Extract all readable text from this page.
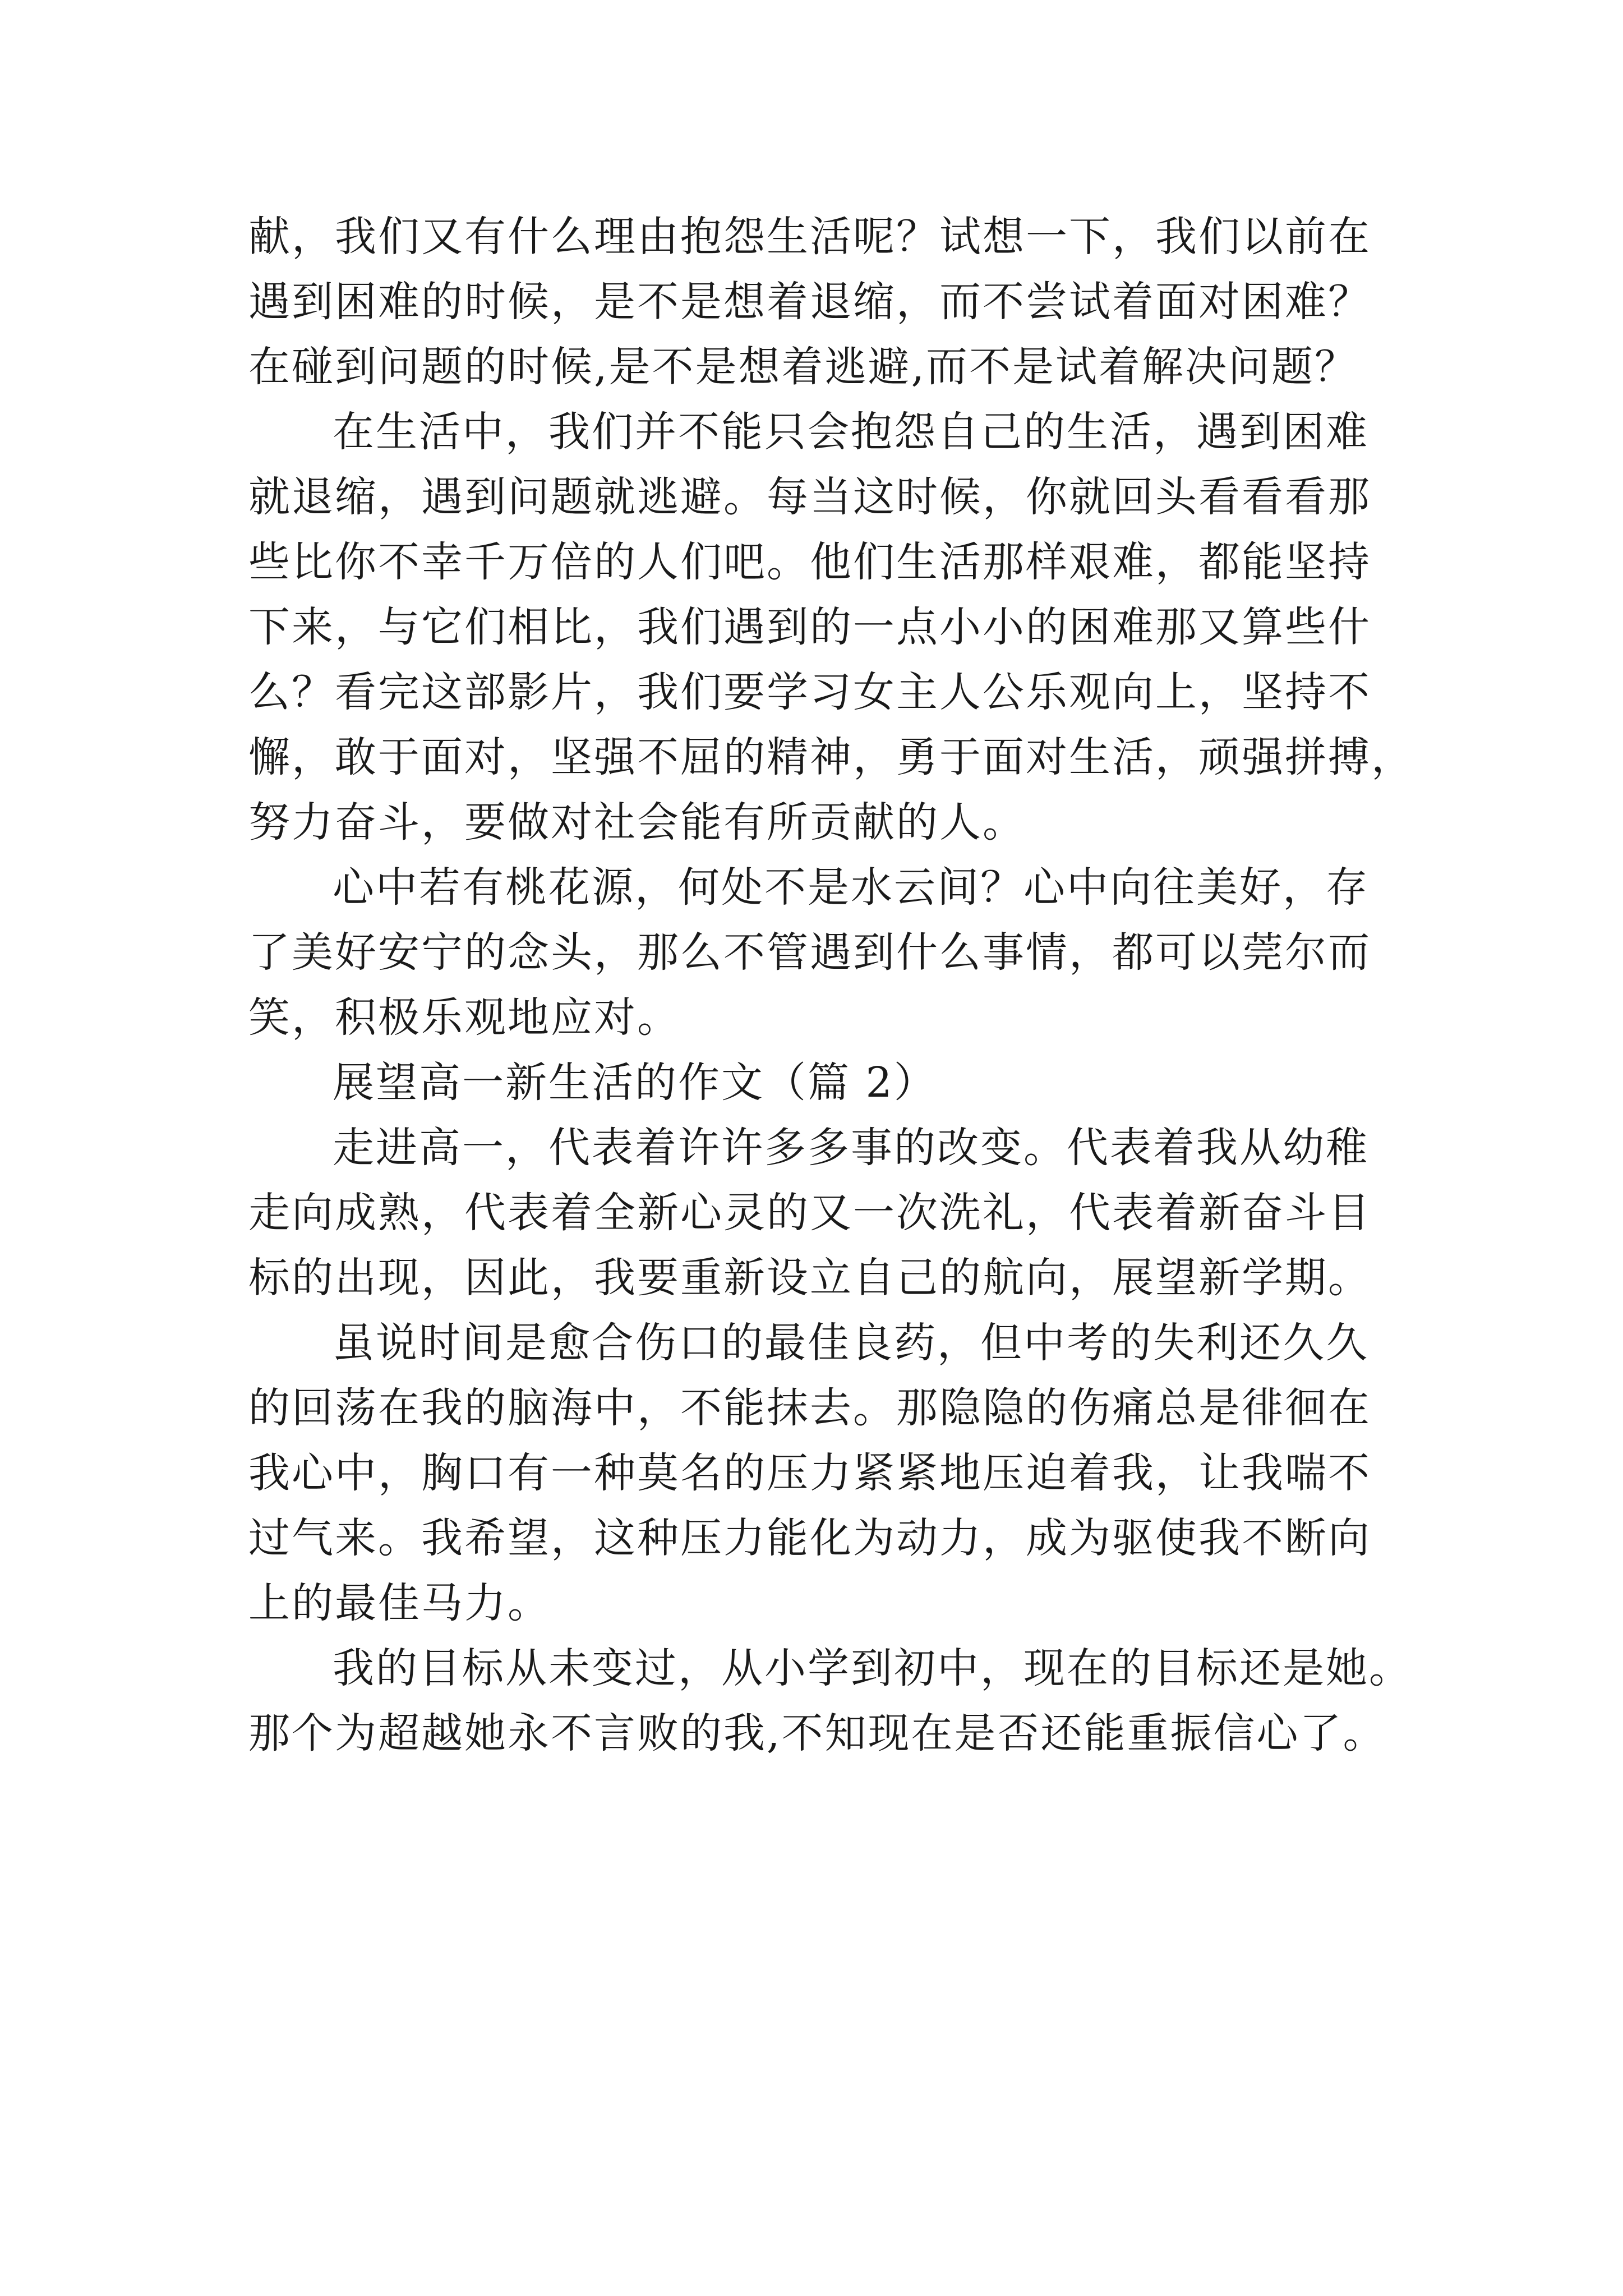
献，我们又有什么理由抱怨生活呢？试想一下，我们以前在
遇到困难的时候，是不是想着退缩，而不尝试着面对困难？
在碰到问题的时候,是不是想着逃避,而不是试着解决问题？
在生活中，我们并不能只会抱怨自己的生活，遇到困难
就退缩，遇到问题就逃避。每当这时候，你就回头看看看那
些比你不幸千万倍的人们吧。他们生活那样艰难，都能坚持
下来，与它们相比，我们遇到的一点小小的困难那又算些什
么？看完这部影片，我们要学习女主人公乐观向上，坚持不
懈，敢于面对，坚强不屈的精神，勇于面对生活，顽强拼搏，
努力奋斗，要做对社会能有所贡献的人。
心中若有桃花源，何处不是水云间？心中向往美好，存
了美好安宁的念头，那么不管遇到什么事情，都可以莞尔而
笑，积极乐观地应对。
展望高一新生活的作文（篇 2）
走进高一，代表着许许多多事的改变。代表着我从幼稚
走向成熟，代表着全新心灵的又一次洗礼，代表着新奋斗目
标的出现，因此，我要重新设立自己的航向，展望新学期。
虽说时间是愈合伤口的最佳良药，但中考的失利还久久
的回荡在我的脑海中，不能抹去。那隐隐的伤痛总是徘徊在
我心中，胸口有一种莫名的压力紧紧地压迫着我，让我喘不
过气来。我希望，这种压力能化为动力，成为驱使我不断向
上的最佳马力。
我的目标从未变过，从小学到初中，现在的目标还是她。
那个为超越她永不言败的我,不知现在是否还能重振信心了。
